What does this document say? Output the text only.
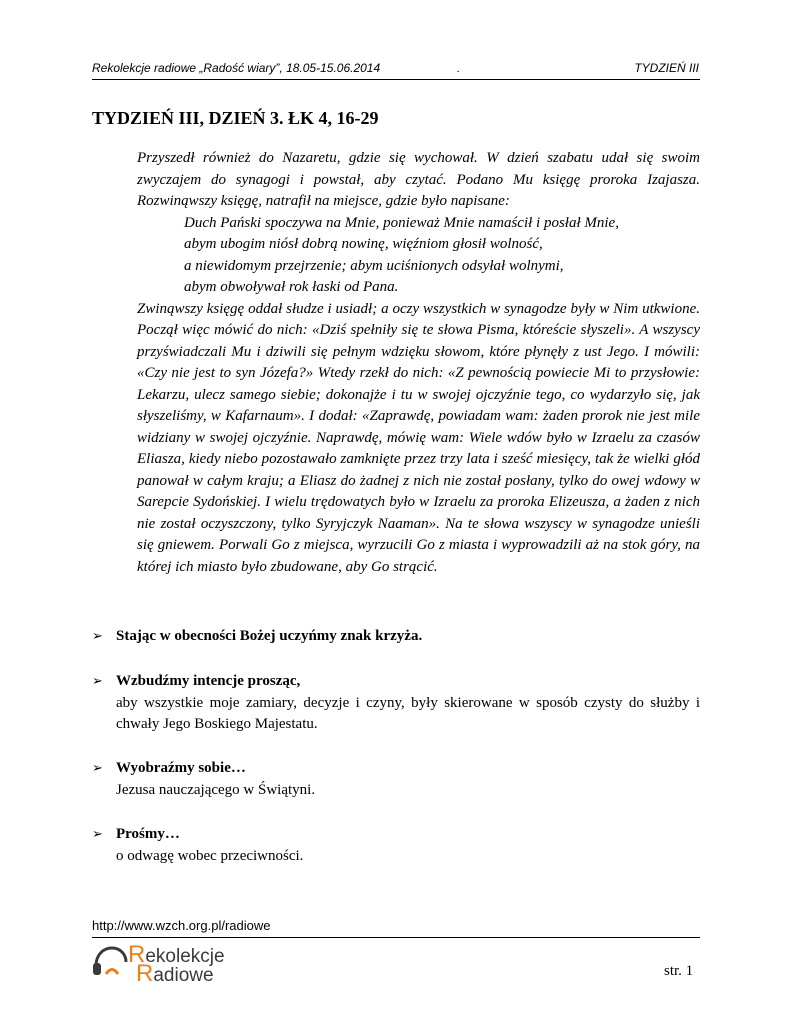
Rekolekcje radiowe „Radość wiary”, 18.05-15.06.2014	.	TYDZIEŃ III
TYDZIEŃ III, DZIEŃ 3. ŁK 4, 16-29

Przyszedł również do Nazaretu, gdzie się wychował. W dzień szabatu udał się swoim zwyczajem do synagogi i powstał, aby czytać. Podano Mu księgę proroka Izajasza. Rozwinąwszy księgę, natrafił na miejsce, gdzie było napisane:

Duch Pański spoczywa na Mnie, ponieważ Mnie namaścił i posłał Mnie,
abym ubogim niósł dobrą nowinę, więźniom głosił wolność,
a niewidomym przejrzenie; abym uciśnionych odsyłał wolnymi,
abym obwoływał rok łaski od Pana.

Zwinąwszy księgę oddał słudze i usiadł; a oczy wszystkich w synagodze były w Nim utkwione. Począł więc mówić do nich: «Dziś spełniły się te słowa Pisma, któreście słyszeli». A wszyscy przyświadczali Mu i dziwili się pełnym wdzięku słowom, które płynęły z ust Jego. I mówili: «Czy nie jest to syn Józefa?» Wtedy rzekł do nich: «Z pewnością powiecie Mi to przysłowie: Lekarzu, ulecz samego siebie; dokonajże i tu w swojej ojczyźnie tego, co wydarzyło się, jak słyszeliśmy, w Kafarnaum». I dodał: «Zaprawdę, powiadam wam: żaden prorok nie jest mile widziany w swojej ojczyźnie. Naprawdę, mówię wam: Wiele wdów było w Izraelu za czasów Eliasza, kiedy niebo pozostawało zamknięte przez trzy lata i sześć miesięcy, tak że wielki głód panował w całym kraju; a Eliasz do żadnej z nich nie został posłany, tylko do owej wdowy w Sarepcie Sydońskiej. I wielu trędowatych było w Izraelu za proroka Elizeusza, a żaden z nich nie został oczyszczony, tylko Syryjczyk Naaman». Na te słowa wszyscy w synagodze unieśli się gniewem. Porwali Go z miejsca, wyrzucili Go z miasta i wyprowadzili aż na stok góry, na której ich miasto było zbudowane, aby Go strącić.

➢ Stając w obecności Bożej uczyńmy znak krzyża.
➢ Wzbudźmy intencje prosząc,
aby wszystkie moje zamiary, decyzje i czyny, były skierowane w sposób czysty do służby i chwały Jego Boskiego Majestatu.
➢ Wyobraźmy sobie…
Jezusa nauczającego w Świątyni.
➢ Prośmy…
o odwagę wobec przeciwności.
http://www.wzch.org.pl/radiowe
Rekolekcje
Radiowe	str. 1
